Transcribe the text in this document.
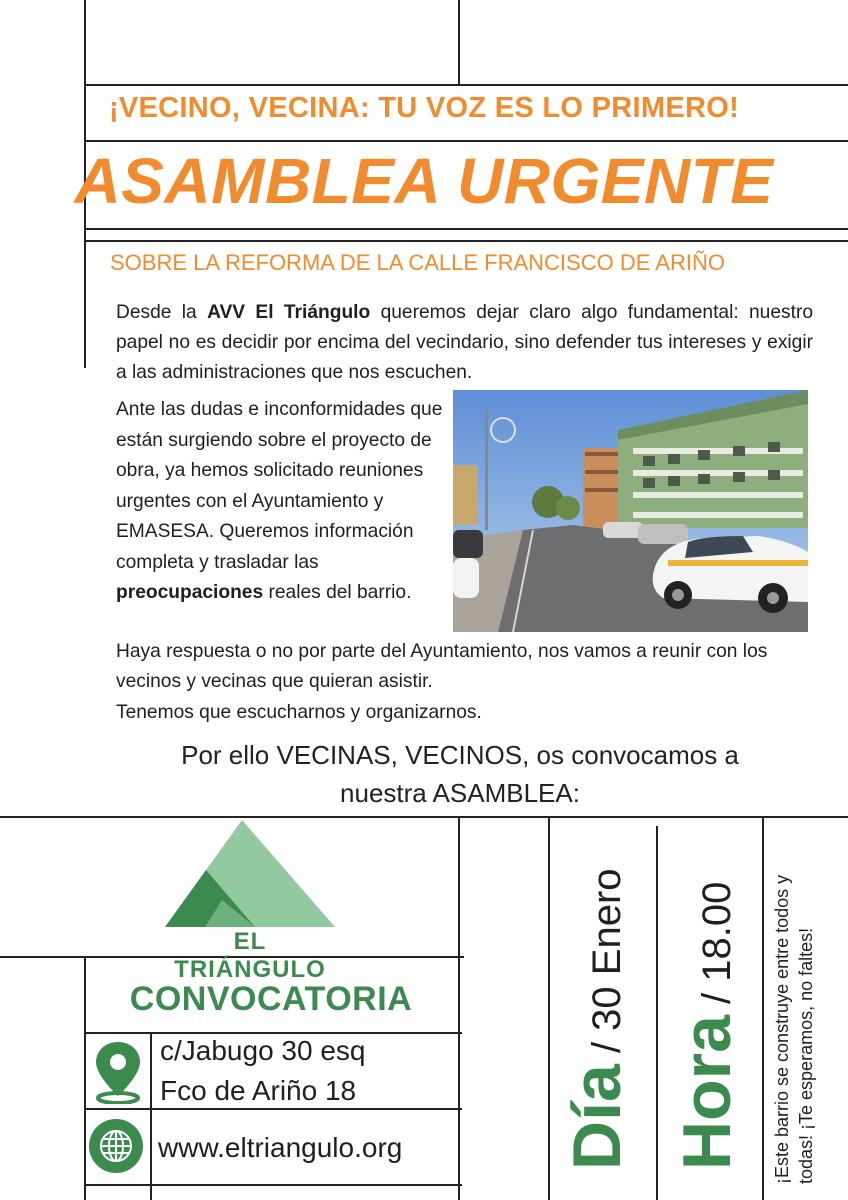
¡VECINO, VECINA: TU VOZ ES LO PRIMERO!
ASAMBLEA URGENTE
SOBRE LA REFORMA DE LA CALLE FRANCISCO DE ARIÑO
Desde la AVV El Triángulo queremos dejar claro algo fundamental: nuestro papel no es decidir por encima del vecindario, sino defender tus intereses y exigir a las administraciones que nos escuchen.
Ante las dudas e inconformidades que están surgiendo sobre el proyecto de obra, ya hemos solicitado reuniones urgentes con el Ayuntamiento y EMASESA. Queremos información completa y trasladar las preocupaciones reales del barrio.
Haya respuesta o no por parte del Ayuntamiento, nos vamos a reunir con los vecinos y vecinas que quieran asistir.
Tenemos que escucharnos y organizarnos.
Por ello VECINAS, VECINOS, os convocamos a
nuestra ASAMBLEA:
EL TRIÁNGULO
CONVOCATORIA
c/Jabugo 30 esq
Fco de Ariño 18
www.eltriangulo.org Día / 30 Enero
Hora / 18.00	¡Este barrio se construye entre todos y todas! ¡Te esperamos, no faltes!
